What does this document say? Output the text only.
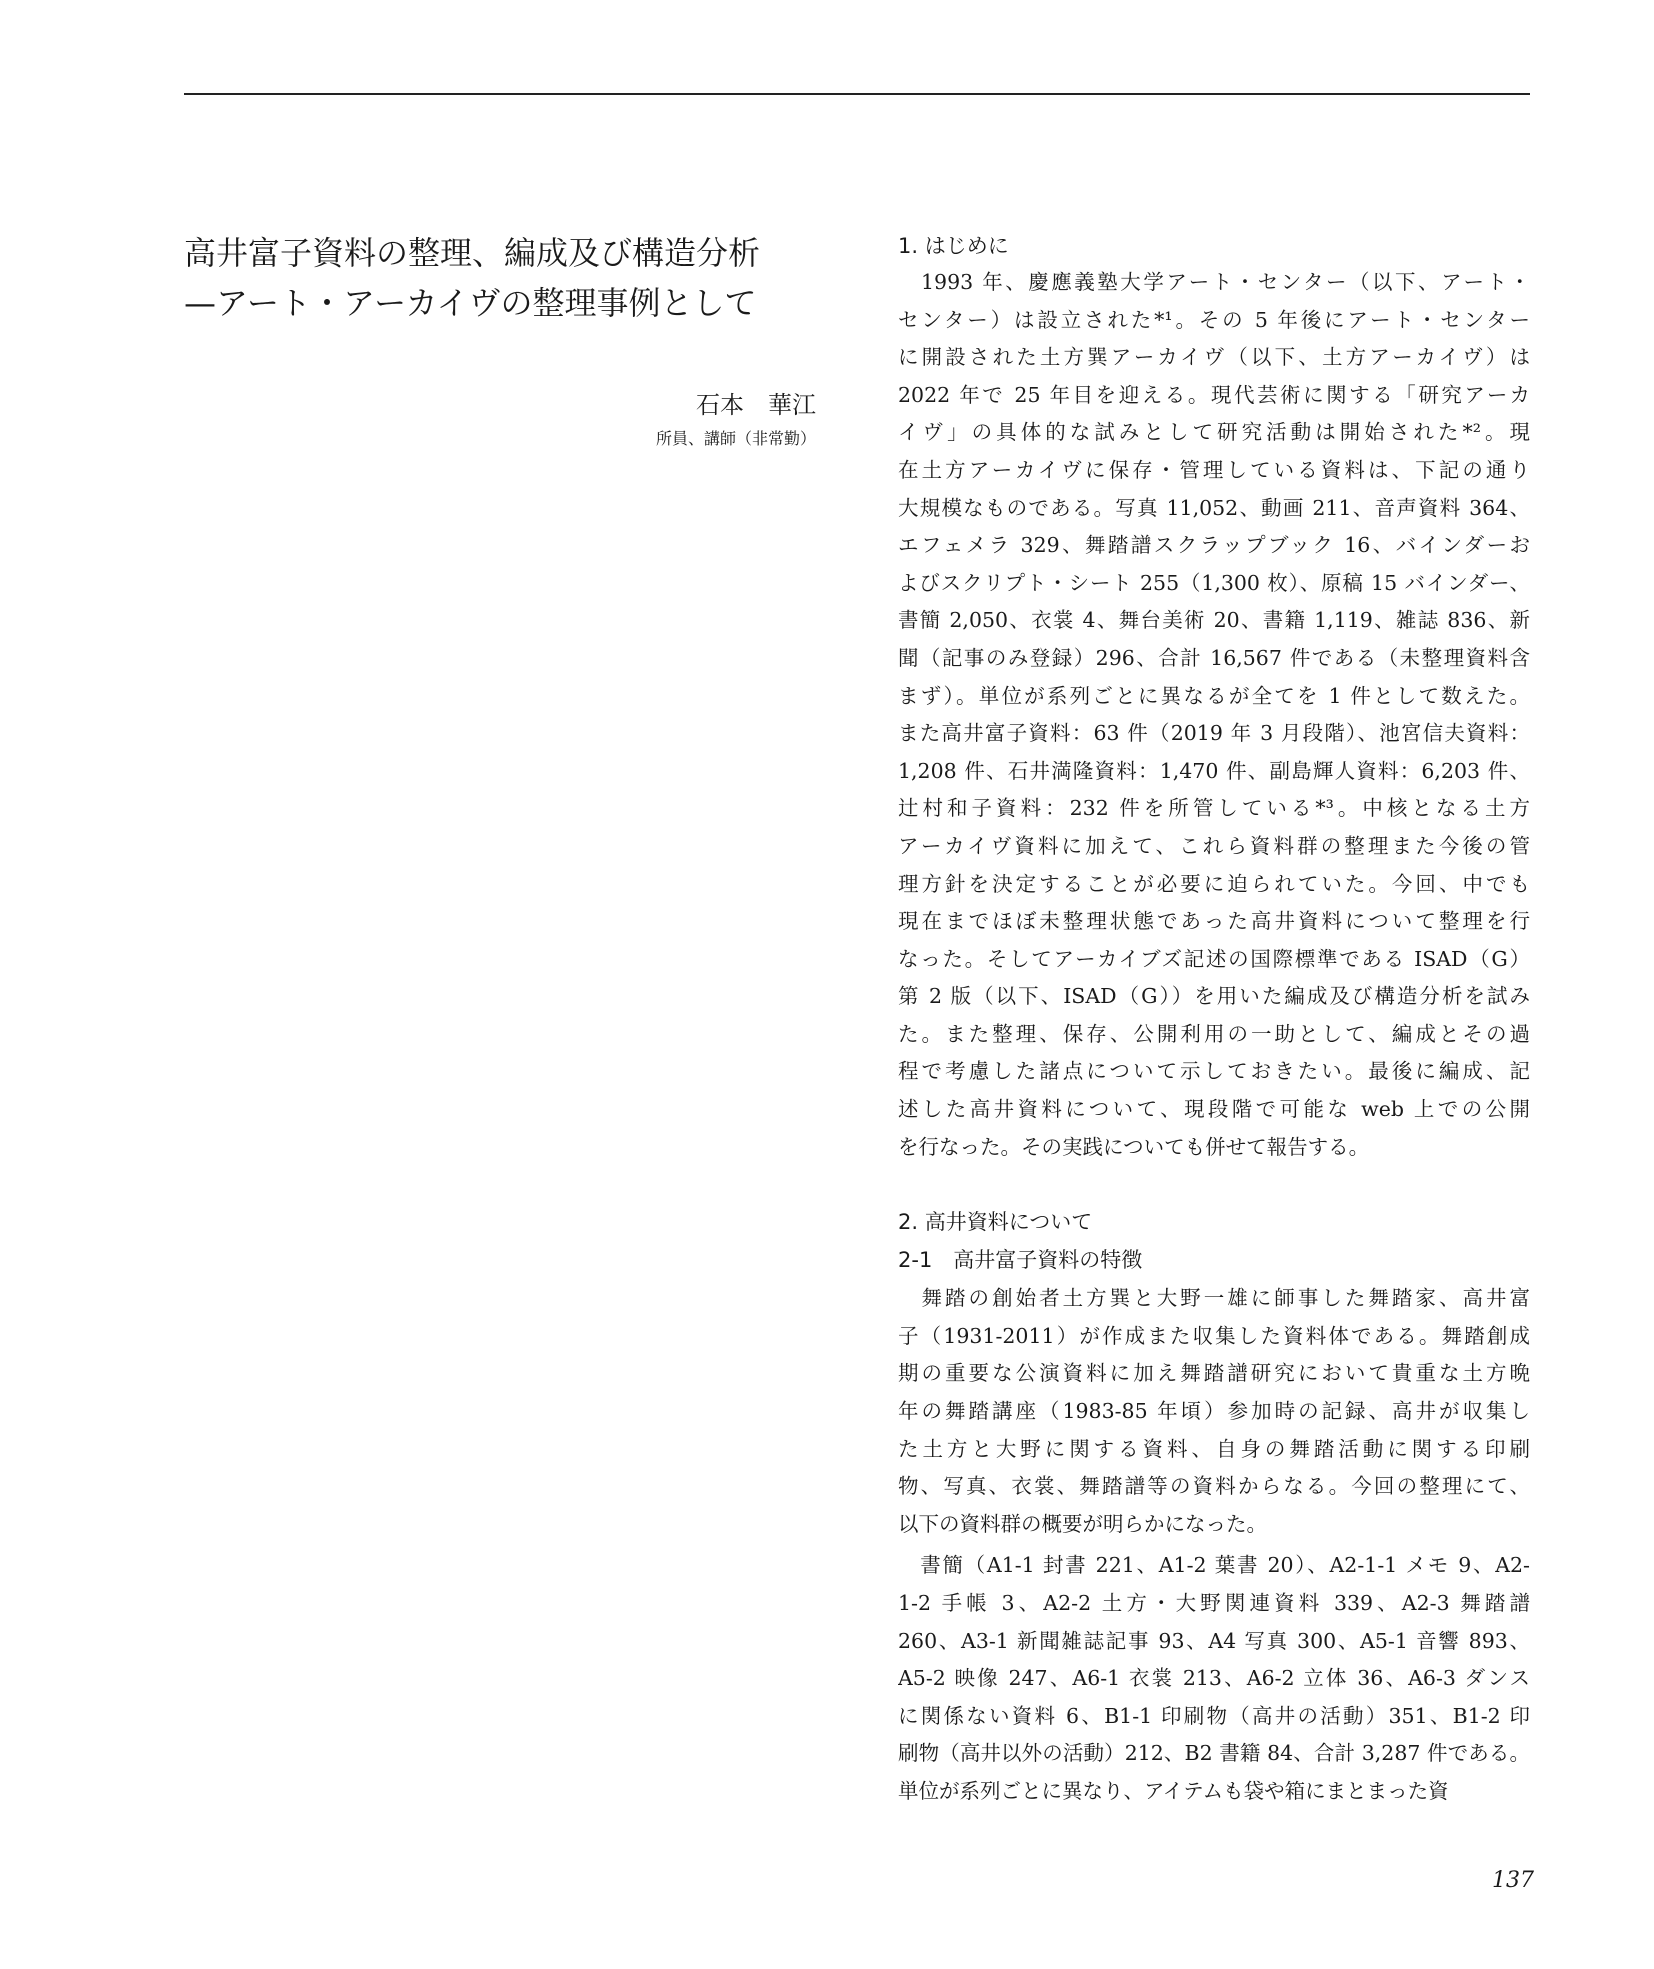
高井富子資料の整理、編成及び構造分析
—アート・アーカイヴの整理事例として
石本　華江
所員、講師（非常勤）
1. はじめに
　1993 年、慶應義塾大学アート・センター（以下、アート・
センター）は設立された*¹。その 5 年後にアート・センター
に開設された土方巽アーカイヴ（以下、土方アーカイヴ）は
2022 年で 25 年目を迎える。現代芸術に関する「研究アーカ
イヴ」の具体的な試みとして研究活動は開始された*²。現
在土方アーカイヴに保存・管理している資料は、下記の通り
大規模なものである。写真 11,052、動画 211、音声資料 364、
エフェメラ 329、舞踏譜スクラップブック 16、バインダーお
よびスクリプト・シート 255（1,300 枚）、原稿 15 バインダー、
書簡 2,050、衣裳 4、舞台美術 20、書籍 1,119、雑誌 836、新
聞（記事のみ登録）296、合計 16,567 件である（未整理資料含
まず）。単位が系列ごとに異なるが全てを 1 件として数えた。
また高井富子資料：63 件（2019 年 3 月段階）、池宮信夫資料：
1,208 件、石井満隆資料：1,470 件、副島輝人資料：6,203 件、
辻村和子資料：232 件を所管している*³。中核となる土方
アーカイヴ資料に加えて、これら資料群の整理また今後の管
理方針を決定することが必要に迫られていた。今回、中でも
現在までほぼ未整理状態であった高井資料について整理を行
なった。そしてアーカイブズ記述の国際標準である ISAD（G）
第 2 版（以下、ISAD（G））を用いた編成及び構造分析を試み
た。また整理、保存、公開利用の一助として、編成とその過
程で考慮した諸点について示しておきたい。最後に編成、記
述した高井資料について、現段階で可能な web 上での公開
を行なった。その実践についても併せて報告する。
2. 高井資料について
2-1　高井富子資料の特徴
　舞踏の創始者土方巽と大野一雄に師事した舞踏家、高井富
子（1931-2011）が作成また収集した資料体である。舞踏創成
期の重要な公演資料に加え舞踏譜研究において貴重な土方晩
年の舞踏講座（1983-85 年頃）参加時の記録、高井が収集し
た土方と大野に関する資料、自身の舞踏活動に関する印刷
物、写真、衣裳、舞踏譜等の資料からなる。今回の整理にて、
以下の資料群の概要が明らかになった。
　書簡（A1-1 封書 221、A1-2 葉書 20）、A2-1-1 メモ 9、A2-
1-2 手帳 3、A2-2 土方・大野関連資料 339、A2-3 舞踏譜
260、A3-1 新聞雑誌記事 93、A4 写真 300、A5-1 音響 893、
A5-2 映像 247、A6-1 衣裳 213、A6-2 立体 36、A6-3 ダンス
に関係ない資料 6、B1-1 印刷物（高井の活動）351、B1-2 印
刷物（高井以外の活動）212、B2 書籍 84、合計 3,287 件である。
単位が系列ごとに異なり、アイテムも袋や箱にまとまった資
137
